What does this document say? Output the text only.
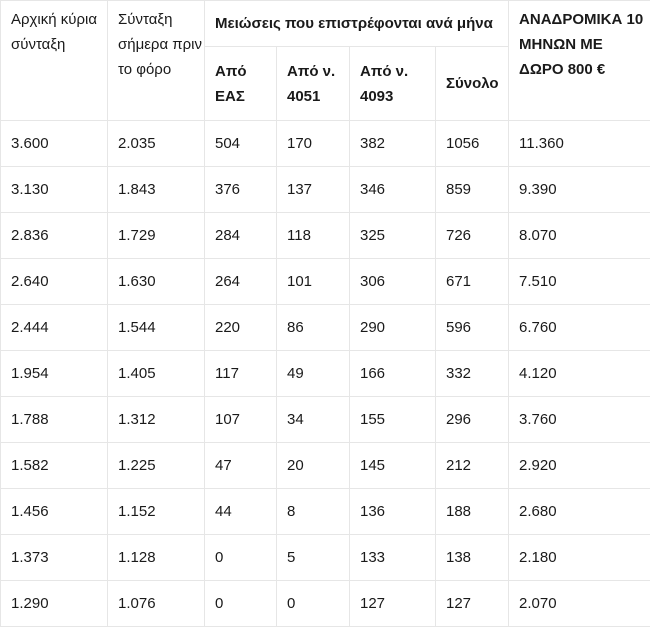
Αρχική κύρια σύνταξη	Σύνταξη σήμερα πριν το φόρο	Μειώσεις που επιστρέφονται ανά μήνα				ΑΝΑΔΡΟΜΙΚΑ 10 ΜΗΝΩΝ ΜΕ ΔΩΡΟ 800 €
		Από ΕΑΣ	Από ν. 4051	Από ν. 4093	Σύνολο	
3.600	2.035	504	170	382	1056	11.360
3.130	1.843	376	137	346	859	9.390
2.836	1.729	284	118	325	726	8.070
2.640	1.630	264	101	306	671	7.510
2.444	1.544	220	86	290	596	6.760
1.954	1.405	117	49	166	332	4.120
1.788	1.312	107	34	155	296	3.760
1.582	1.225	47	20	145	212	2.920
1.456	1.152	44	8	136	188	2.680
1.373	1.128	0	5	133	138	2.180
1.290	1.076	0	0	127	127	2.070
